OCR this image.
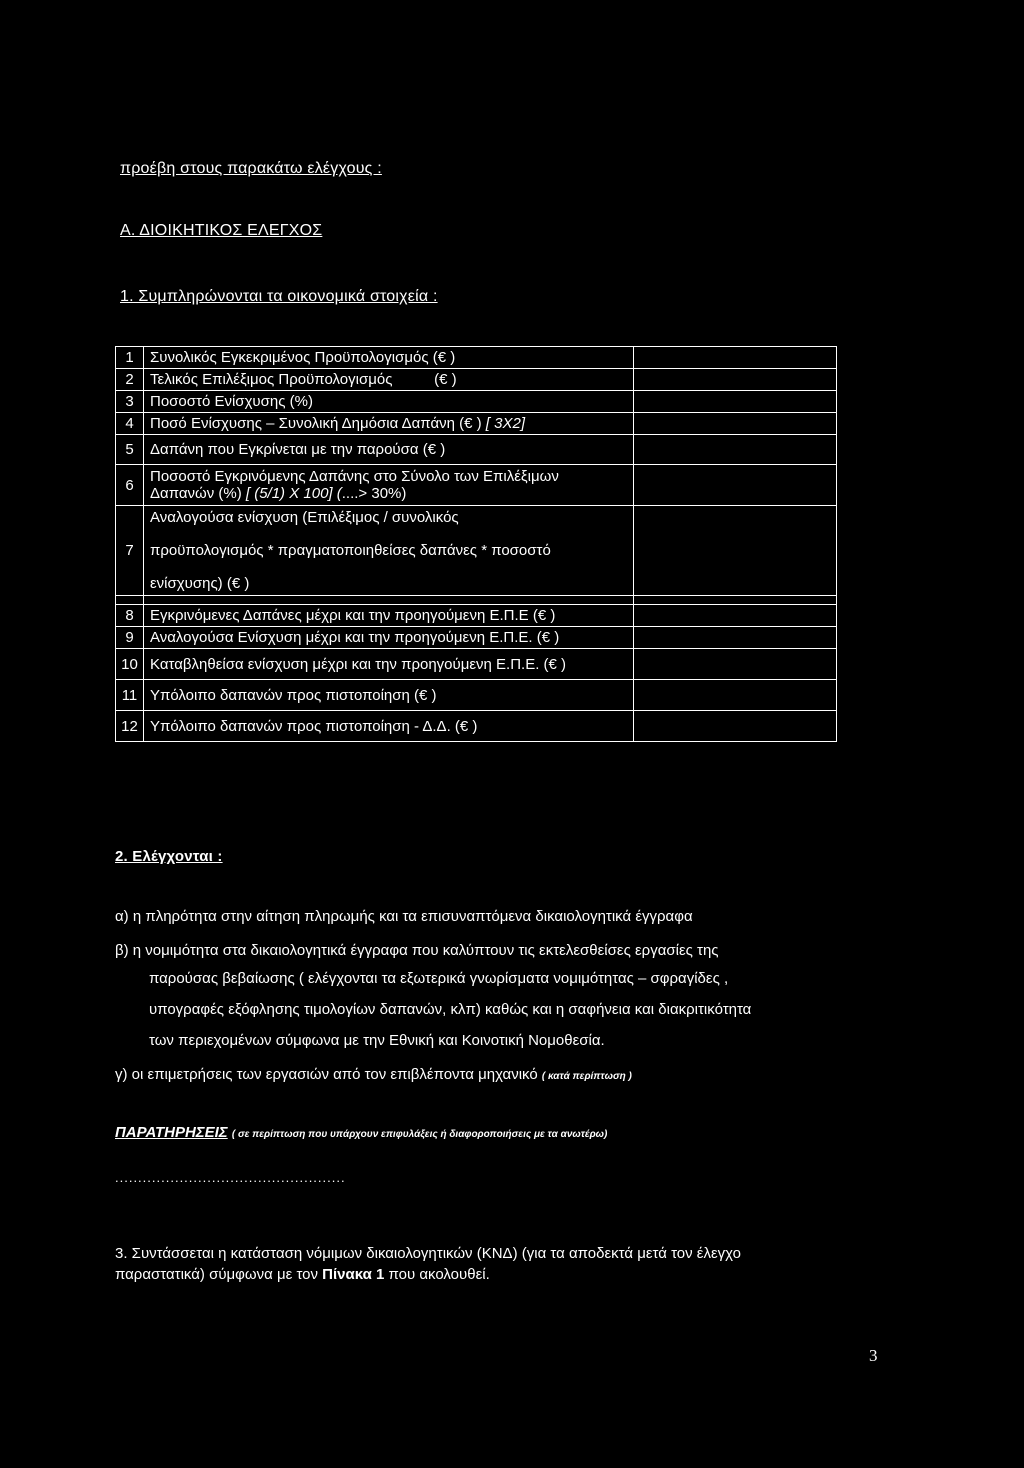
προέβη στους παρακάτω ελέγχους :
Α. ΔΙΟΙΚΗΤΙΚΟΣ ΕΛΕΓΧΟΣ
1. Συμπληρώνονται τα οικονομικά στοιχεία :
1	Συνολικός Εγκεκριμένος Προϋπολογισμός (€ )	
2	Τελικός Επιλέξιμος Προϋπολογισμός          (€ )	
3	Ποσοστό Ενίσχυσης (%)	
4	Ποσό Ενίσχυσης – Συνολική Δημόσια Δαπάνη (€ ) [ 3X2]	
5	Δαπάνη που Εγκρίνεται με την παρούσα (€ )	
6	Ποσοστό Εγκρινόμενης Δαπάνης στο Σύνολο των Επιλέξιμων
Δαπανών (%) [ (5/1) X 100] (....> 30%)	

7	Αναλογούσα ενίσχυση (Επιλέξιμος / συνολικός
προϋπολογισμός * πραγματοποιηθείσες δαπάνες * ποσοστό
ενίσχυσης) (€ )	

8	Εγκρινόμενες Δαπάνες μέχρι και την προηγούμενη Ε.Π.Ε (€ )	
9	Αναλογούσα Ενίσχυση μέχρι και την προηγούμενη Ε.Π.Ε. (€ )	
10	Καταβληθείσα ενίσχυση μέχρι και την προηγούμενη Ε.Π.Ε. (€ )	
11	Υπόλοιπο δαπανών προς πιστοποίηση (€ )	
12	Υπόλοιπο δαπανών προς πιστοποίηση - Δ.Δ. (€ )	
2. Ελέγχονται :
α) η πληρότητα στην αίτηση πληρωμής και τα επισυναπτόμενα δικαιολογητικά έγγραφα
β) η νομιμότητα στα δικαιολογητικά έγγραφα που καλύπτουν τις εκτελεσθείσες εργασίες της
παρούσας βεβαίωσης ( ελέγχονται τα εξωτερικά γνωρίσματα νομιμότητας – σφραγίδες ,
υπογραφές εξόφλησης τιμολογίων δαπανών, κλπ) καθώς και η σαφήνεια και διακριτικότητα
των περιεχομένων σύμφωνα με την Εθνική και Κοινοτική Νομοθεσία.
γ) οι επιμετρήσεις των εργασιών από τον επιβλέποντα μηχανικό ( κατά περίπτωση )
ΠΑΡΑΤΗΡΗΣΕΙΣ ( σε περίπτωση που υπάρχουν επιφυλάξεις ή διαφοροποιήσεις με τα ανωτέρω)
..................................................
3. Συντάσσεται η κατάσταση νόμιμων δικαιολογητικών (ΚΝΔ) (για τα αποδεκτά μετά τον έλεγχο
παραστατικά) σύμφωνα με τον Πίνακα 1 που ακολουθεί.
3
